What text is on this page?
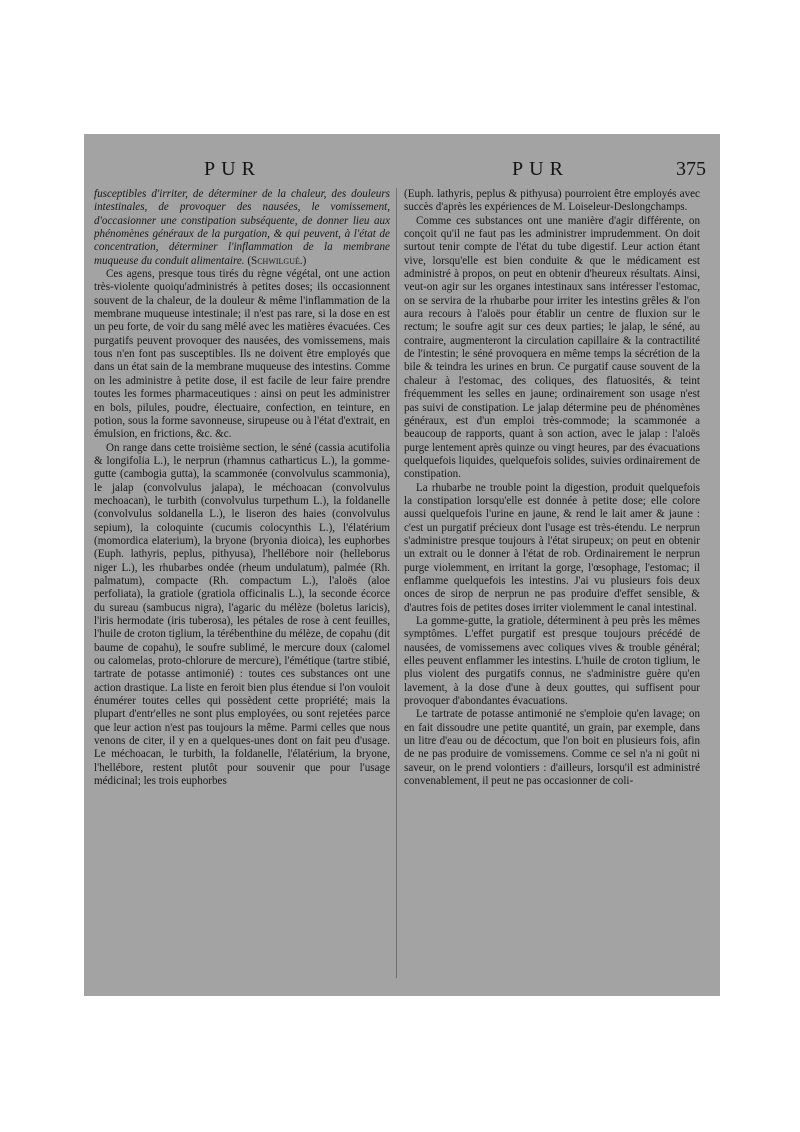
PUR	PUR	375

fusceptibles d'irriter, de déterminer de la chaleur, des douleurs intestinales, de provoquer des nausées, le vomissement, d'occasionner une constipation subséquente, de donner lieu aux phénomènes généraux de la purgation, & qui peuvent, à l'état de concentration, déterminer l'inflammation de la membrane muqueuse du conduit alimentaire. (Schwilgué.)

Ces agens, presque tous tirés du règne végétal, ont une action très-violente quoiqu'administrés à petites doses; ils occasionnent souvent de la chaleur, de la douleur & même l'inflammation de la membrane muqueuse intestinale; il n'est pas rare, si la dose en est un peu forte, de voir du sang mêlé avec les matières évacuées. Ces purgatifs peuvent provoquer des nausées, des vomissemens, mais tous n'en font pas susceptibles. Ils ne doivent être employés que dans un état sain de la membrane muqueuse des intestins. Comme on les administre à petite dose, il est facile de leur faire prendre toutes les formes pharmaceutiques : ainsi on peut les administrer en bols, pilules, poudre, électuaire, confection, en teinture, en potion, sous la forme savonneuse, sirupeuse ou à l'état d'extrait, en émulsion, en frictions, &c. &c.

On range dans cette troisième section, le séné (cassia acutifolia & longifolia L.), le nerprun (rhamnus catharticus L.), la gomme-gutte (cambogia gutta), la scammonée (convolvulus scammonia), le jalap (convolvulus jalapa), le méchoacan (convolvulus mechoacan), le turbith (convolvulus turpethum L.), la foldanelle (convolvulus soldanella L.), le liseron des haies (convolvulus sepium), la coloquinte (cucumis colocynthis L.), l'élatérium (momordica elaterium), la bryone (bryonia dioica), les euphorbes (Euph. lathyris, peplus, pithyusa), l'hellébore noir (helleborus niger L.), les rhubarbes ondée (rheum undulatum), palmée (Rh. palmatum), compacte (Rh. compactum L.), l'aloës (aloe perfoliata), la gratiole (gratiola officinalis L.), la seconde écorce du sureau (sambucus nigra), l'agaric du mélèze (boletus laricis), l'iris hermodate (iris tuberosa), les pétales de rose à cent feuilles, l'huile de croton tiglium, la térébenthine du mélèze, de copahu (dit baume de copahu), le soufre sublimé, le mercure doux (calomel ou calomelas, proto-chlorure de mercure), l'émétique (tartre stibié, tartrate de potasse antimonié) : toutes ces substances ont une action drastique. La liste en feroit bien plus étendue si l'on vouloit énumérer toutes celles qui possèdent cette propriété; mais la plupart d'entr'elles ne sont plus employées, ou sont rejetées parce que leur action n'est pas toujours la même. Parmi celles que nous venons de citer, il y en a quelques-unes dont on fait peu d'usage. Le méchoacan, le turbith, la foldanelle, l'élatérium, la bryone, l'hellébore, restent plutôt pour souvenir que pour l'usage médicinal; les trois euphorbes

(Euph. lathyris, peplus & pithyusa) pourroient être employés avec succès d'après les expériences de M. Loiseleur-Deslongchamps.

Comme ces substances ont une manière d'agir différente, on conçoit qu'il ne faut pas les administrer imprudemment. On doit surtout tenir compte de l'état du tube digestif. Leur action étant vive, lorsqu'elle est bien conduite & que le médicament est administré à propos, on peut en obtenir d'heureux résultats. Ainsi, veut-on agir sur les organes intestinaux sans intéresser l'estomac, on se servira de la rhubarbe pour irriter les intestins grêles & l'on aura recours à l'aloës pour établir un centre de fluxion sur le rectum; le soufre agit sur ces deux parties; le jalap, le séné, au contraire, augmenteront la circulation capillaire & la contractilité de l'intestin; le séné provoquera en même temps la sécrétion de la bile & teindra les urines en brun. Ce purgatif cause souvent de la chaleur à l'estomac, des coliques, des flatuosités, & teint fréquemment les selles en jaune; ordinairement son usage n'est pas suivi de constipation. Le jalap détermine peu de phénomènes généraux, est d'un emploi très-commode; la scammonée a beaucoup de rapports, quant à son action, avec le jalap : l'aloës purge lentement après quinze ou vingt heures, par des évacuations quelquefois liquides, quelquefois solides, suivies ordinairement de constipation.

La rhubarbe ne trouble point la digestion, produit quelquefois la constipation lorsqu'elle est donnée à petite dose; elle colore aussi quelquefois l'urine en jaune, & rend le lait amer & jaune : c'est un purgatif précieux dont l'usage est très-étendu. Le nerprun s'administre presque toujours à l'état sirupeux; on peut en obtenir un extrait ou le donner à l'état de rob. Ordinairement le nerprun purge violemment, en irritant la gorge, l'œsophage, l'estomac; il enflamme quelquefois les intestins. J'ai vu plusieurs fois deux onces de sirop de nerprun ne pas produire d'effet sensible, & d'autres fois de petites doses irriter violemment le canal intestinal.

La gomme-gutte, la gratiole, déterminent à peu près les mêmes symptômes. L'effet purgatif est presque toujours précédé de nausées, de vomissemens avec coliques vives & trouble général; elles peuvent enflammer les intestins. L'huile de croton tiglium, le plus violent des purgatifs connus, ne s'administre guère qu'en lavement, à la dose d'une à deux gouttes, qui suffisent pour provoquer d'abondantes évacuations.

Le tartrate de potasse antimonié ne s'emploie qu'en lavage; on en fait dissoudre une petite quantité, un grain, par exemple, dans un litre d'eau ou de décoctum, que l'on boit en plusieurs fois, afin de ne pas produire de vomissemens. Comme ce sel n'a ni goût ni saveur, on le prend volontiers : d'ailleurs, lorsqu'il est administré convenablement, il peut ne pas occasionner de coli-
